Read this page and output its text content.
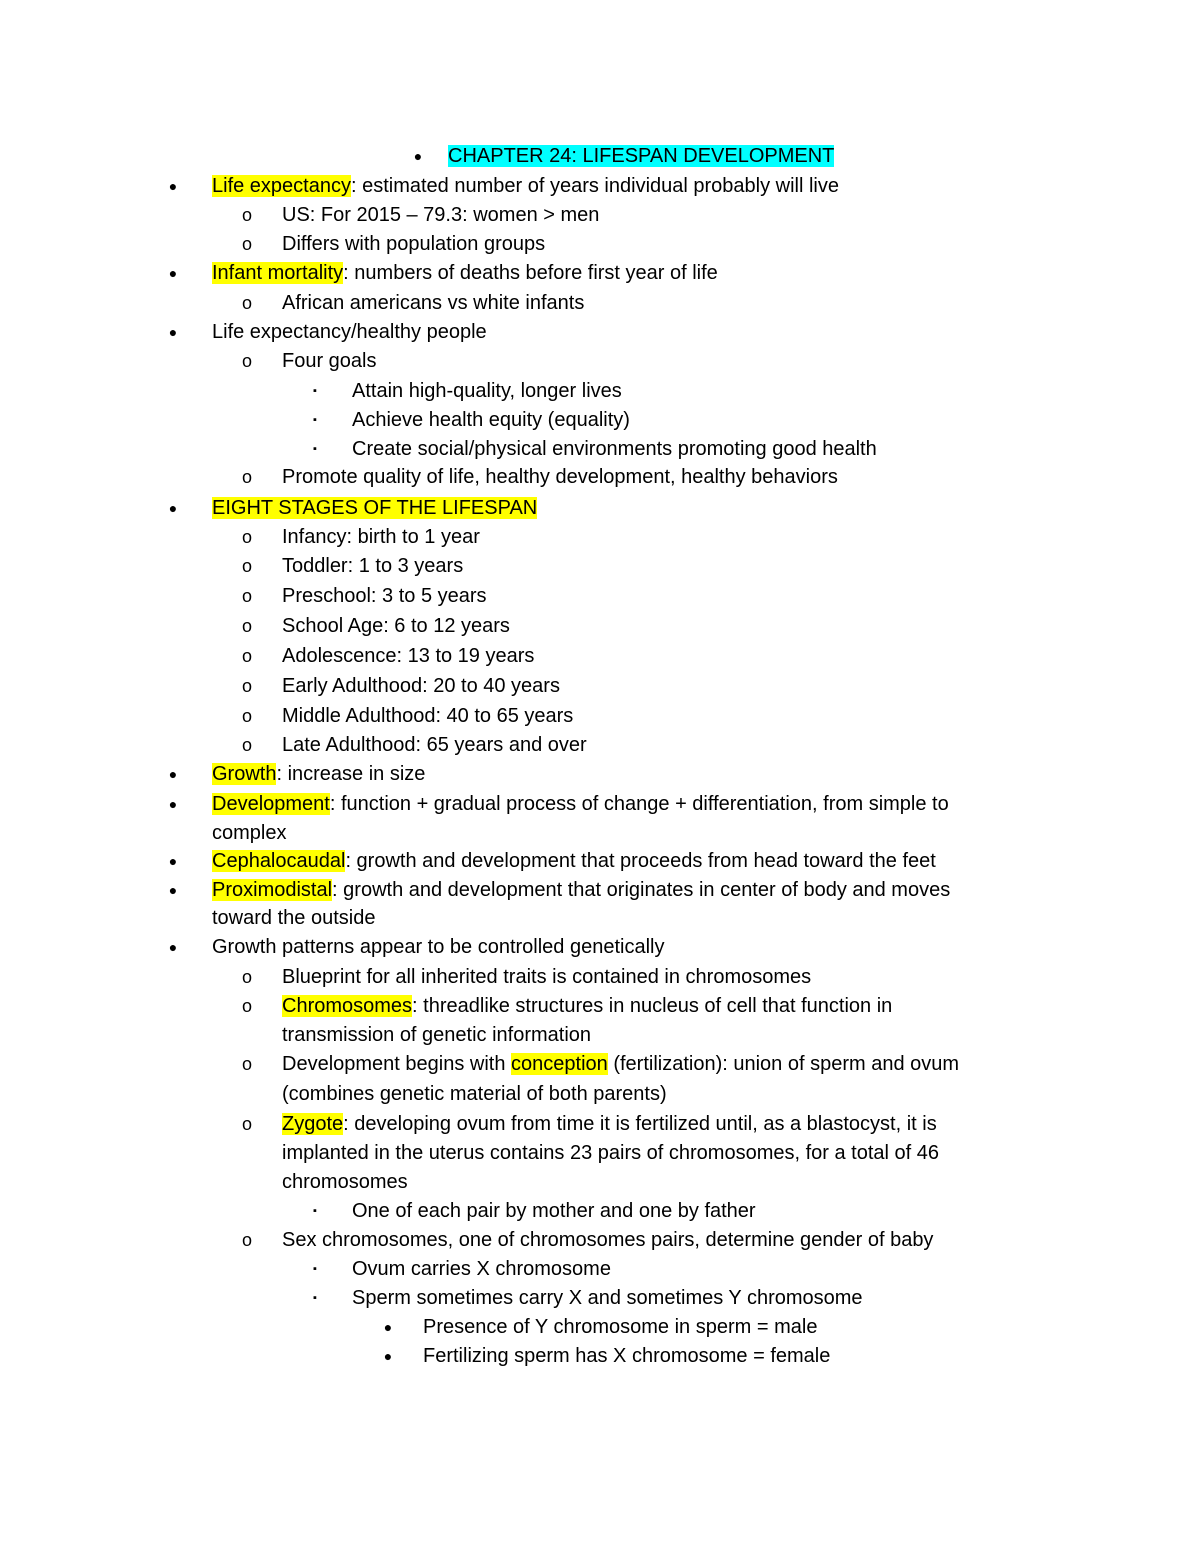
●	CHAPTER 24: LIFESPAN DEVELOPMENT
●	Life expectancy: estimated number of years individual probably will live
o	US: For 2015 – 79.3: women > men
o	Differs with population groups
●	Infant mortality: numbers of deaths before first year of life
o	African americans vs white infants
●	Life expectancy/healthy people
o	Four goals
▪	Attain high-quality, longer lives
▪	Achieve health equity (equality)
▪	Create social/physical environments promoting good health
o	Promote quality of life, healthy development, healthy behaviors
●	EIGHT STAGES OF THE LIFESPAN
o	Infancy: birth to 1 year
o	Toddler: 1 to 3 years
o	Preschool: 3 to 5 years
o	School Age: 6 to 12 years
o	Adolescence: 13 to 19 years
o	Early Adulthood: 20 to 40 years
o	Middle Adulthood: 40 to 65 years
o	Late Adulthood: 65 years and over
●	Growth: increase in size
●	Development: function + gradual process of change + differentiation, from simple to
complex
●	Cephalocaudal: growth and development that proceeds from head toward the feet
●	Proximodistal: growth and development that originates in center of body and moves
toward the outside
●	Growth patterns appear to be controlled genetically
o	Blueprint for all inherited traits is contained in chromosomes
o	Chromosomes: threadlike structures in nucleus of cell that function in
transmission of genetic information
o	Development begins with conception (fertilization): union of sperm and ovum
(combines genetic material of both parents)
o	Zygote: developing ovum from time it is fertilized until, as a blastocyst, it is
implanted in the uterus contains 23 pairs of chromosomes, for a total of 46
chromosomes
▪	One of each pair by mother and one by father
o	Sex chromosomes, one of chromosomes pairs, determine gender of baby
▪	Ovum carries X chromosome
▪	Sperm sometimes carry X and sometimes Y chromosome
●	Presence of Y chromosome in sperm = male
●	Fertilizing sperm has X chromosome = female
